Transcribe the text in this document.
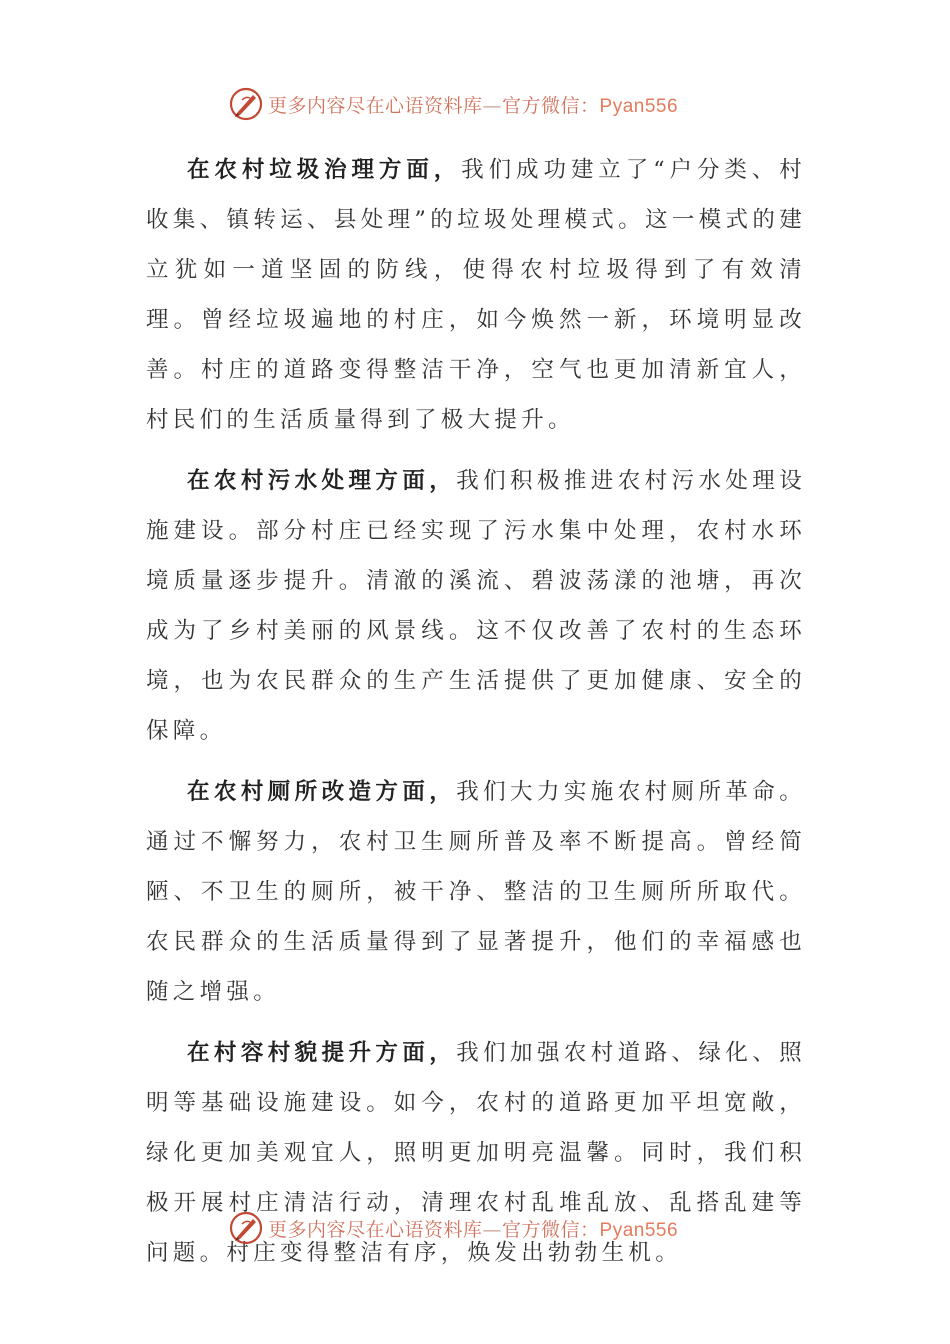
更多内容尽在心语资料库—官方微信：Pyan556

在农村垃圾治理方面，我们成功建立了“户分类、村收集、镇转运、县处理”的垃圾处理模式。这一模式的建立犹如一道坚固的防线，使得农村垃圾得到了有效清理。曾经垃圾遍地的村庄，如今焕然一新，环境明显改善。村庄的道路变得整洁干净，空气也更加清新宜人，村民们的生活质量得到了极大提升。

在农村污水处理方面，我们积极推进农村污水处理设施建设。部分村庄已经实现了污水集中处理，农村水环境质量逐步提升。清澈的溪流、碧波荡漾的池塘，再次成为了乡村美丽的风景线。这不仅改善了农村的生态环境，也为农民群众的生产生活提供了更加健康、安全的保障。

在农村厕所改造方面，我们大力实施农村厕所革命。通过不懈努力，农村卫生厕所普及率不断提高。曾经简陋、不卫生的厕所，被干净、整洁的卫生厕所所取代。农民群众的生活质量得到了显著提升，他们的幸福感也随之增强。

在村容村貌提升方面，我们加强农村道路、绿化、照明等基础设施建设。如今，农村的道路更加平坦宽敞，绿化更加美观宜人，照明更加明亮温馨。同时，我们积极开展村庄清洁行动，清理农村乱堆乱放、乱搭乱建等问题。村庄变得整洁有序，焕发出勃勃生机。

更多内容尽在心语资料库—官方微信：Pyan556
